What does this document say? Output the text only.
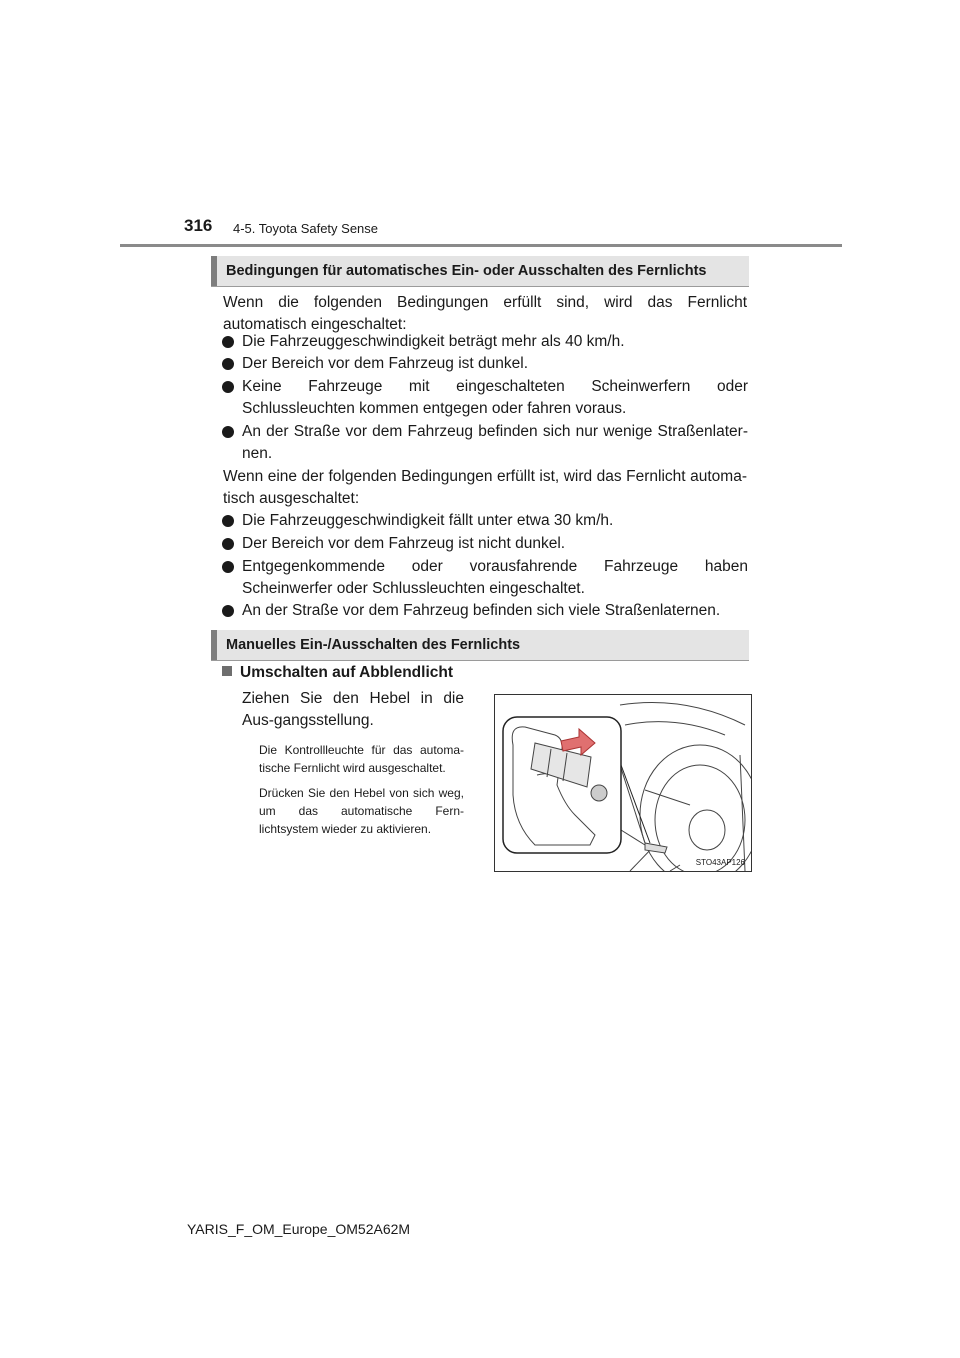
316 4-5. Toyota Safety Sense
Bedingungen für automatisches Ein- oder Ausschalten des Fernlichts
Wenn die folgenden Bedingungen erfüllt sind, wird das Fernlicht automatisch eingeschaltet:
Die Fahrzeuggeschwindigkeit beträgt mehr als 40 km/h.
Der Bereich vor dem Fahrzeug ist dunkel.
Keine Fahrzeuge mit eingeschalteten Scheinwerfern oder Schlussleuchten kommen entgegen oder fahren voraus.
An der Straße vor dem Fahrzeug befinden sich nur wenige Straßenlater-nen.
Wenn eine der folgenden Bedingungen erfüllt ist, wird das Fernlicht automa-tisch ausgeschaltet:
Die Fahrzeuggeschwindigkeit fällt unter etwa 30 km/h.
Der Bereich vor dem Fahrzeug ist nicht dunkel.
Entgegenkommende oder vorausfahrende Fahrzeuge haben Scheinwerfer oder Schlussleuchten eingeschaltet.
An der Straße vor dem Fahrzeug befinden sich viele Straßenlaternen.
Manuelles Ein-/Ausschalten des Fernlichts
Umschalten auf Abblendlicht
Ziehen Sie den Hebel in die Aus-gangsstellung.
Die Kontrollleuchte für das automa-tische Fernlicht wird ausgeschaltet.
Drücken Sie den Hebel von sich weg, um das automatische Fern-lichtsystem wieder zu aktivieren.
STO43AP126
YARIS_F_OM_Europe_OM52A62M
